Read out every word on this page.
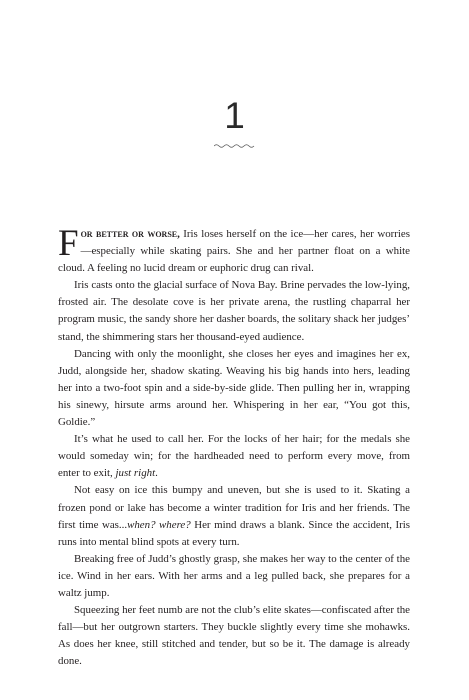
1

For better or worse, Iris loses herself on the ice—her cares, her worries—especially while skating pairs. She and her partner float on a white cloud. A feeling no lucid dream or euphoric drug can rival.

Iris casts onto the glacial surface of Nova Bay. Brine pervades the low-lying, frosted air. The desolate cove is her private arena, the rustling chaparral her program music, the sandy shore her dasher boards, the solitary shack her judges’ stand, the shimmering stars her thousand-eyed audience.

Dancing with only the moonlight, she closes her eyes and imagines her ex, Judd, alongside her, shadow skating. Weaving his big hands into hers, leading her into a two-foot spin and a side-by-side glide. Then pulling her in, wrapping his sinewy, hirsute arms around her. Whispering in her ear, “You got this, Goldie.”

It’s what he used to call her. For the locks of her hair; for the medals she would someday win; for the hardheaded need to perform every move, from enter to exit, just right.

Not easy on ice this bumpy and uneven, but she is used to it. Skating a frozen pond or lake has become a winter tradition for Iris and her friends. The first time was...when? where? Her mind draws a blank. Since the accident, Iris runs into mental blind spots at every turn.

Breaking free of Judd’s ghostly grasp, she makes her way to the center of the ice. Wind in her ears. With her arms and a leg pulled back, she prepares for a waltz jump.

Squeezing her feet numb are not the club’s elite skates—confiscated after the fall—but her outgrown starters. They buckle slightly every time she mohawks. As does her knee, still stitched and tender, but so be it. The damage is already done.
